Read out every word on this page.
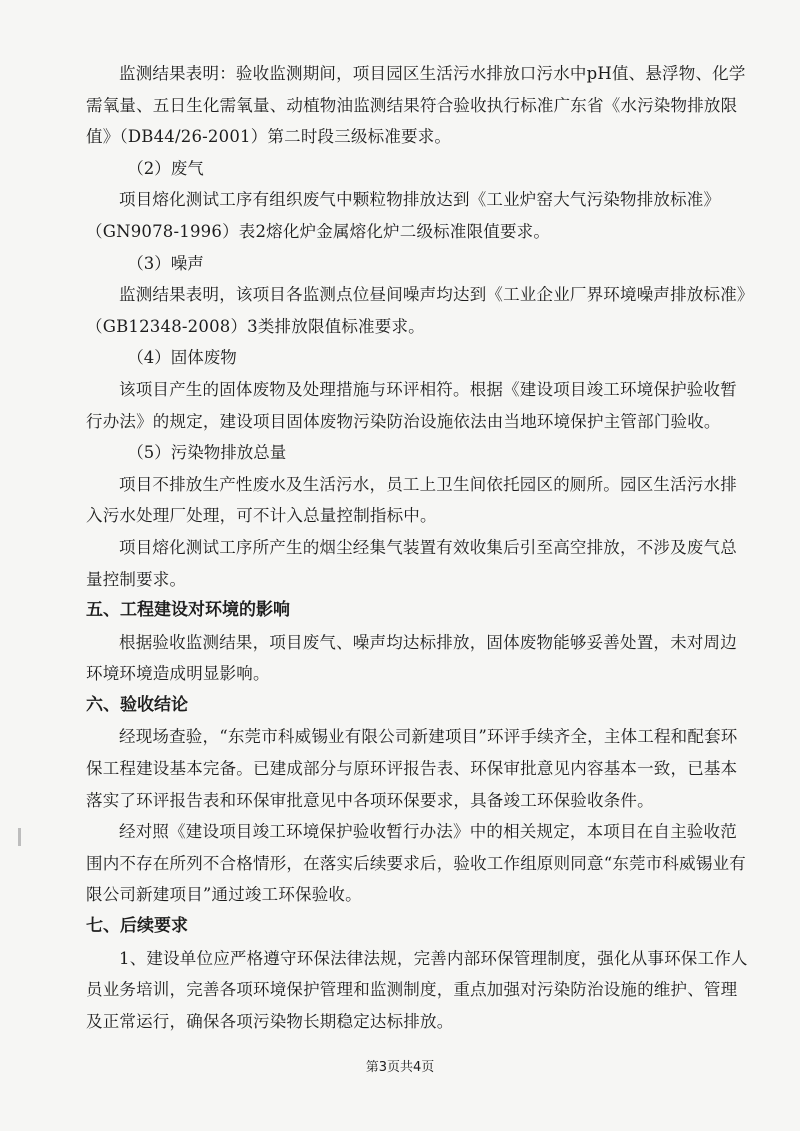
监测结果表明：验收监测期间，项目园区生活污水排放口污水中pH值、悬浮物、化学需氧量、五日生化需氧量、动植物油监测结果符合验收执行标准广东省《水污染物排放限值》（DB44/26-2001）第二时段三级标准要求。

（2）废气

项目熔化测试工序有组织废气中颗粒物排放达到《工业炉窑大气污染物排放标准》（GN9078-1996）表2熔化炉金属熔化炉二级标准限值要求。

（3）噪声

监测结果表明，该项目各监测点位昼间噪声均达到《工业企业厂界环境噪声排放标准》（GB12348-2008）3类排放限值标准要求。

（4）固体废物

该项目产生的固体废物及处理措施与环评相符。根据《建设项目竣工环境保护验收暂行办法》的规定，建设项目固体废物污染防治设施依法由当地环境保护主管部门验收。

（5）污染物排放总量

项目不排放生产性废水及生活污水，员工上卫生间依托园区的厕所。园区生活污水排入污水处理厂处理，可不计入总量控制指标中。

项目熔化测试工序所产生的烟尘经集气装置有效收集后引至高空排放，不涉及废气总量控制要求。

五、工程建设对环境的影响

根据验收监测结果，项目废气、噪声均达标排放，固体废物能够妥善处置，未对周边环境环境造成明显影响。

六、验收结论

经现场查验，“东莞市科威锡业有限公司新建项目”环评手续齐全，主体工程和配套环保工程建设基本完备。已建成部分与原环评报告表、环保审批意见内容基本一致，已基本落实了环评报告表和环保审批意见中各项环保要求，具备竣工环保验收条件。

经对照《建设项目竣工环境保护验收暂行办法》中的相关规定，本项目在自主验收范围内不存在所列不合格情形，在落实后续要求后，验收工作组原则同意“东莞市科威锡业有限公司新建项目”通过竣工环保验收。

七、后续要求

1、建设单位应严格遵守环保法律法规，完善内部环保管理制度，强化从事环保工作人员业务培训，完善各项环境保护管理和监测制度，重点加强对污染防治设施的维护、管理及正常运行，确保各项污染物长期稳定达标排放。

第3页共4页
